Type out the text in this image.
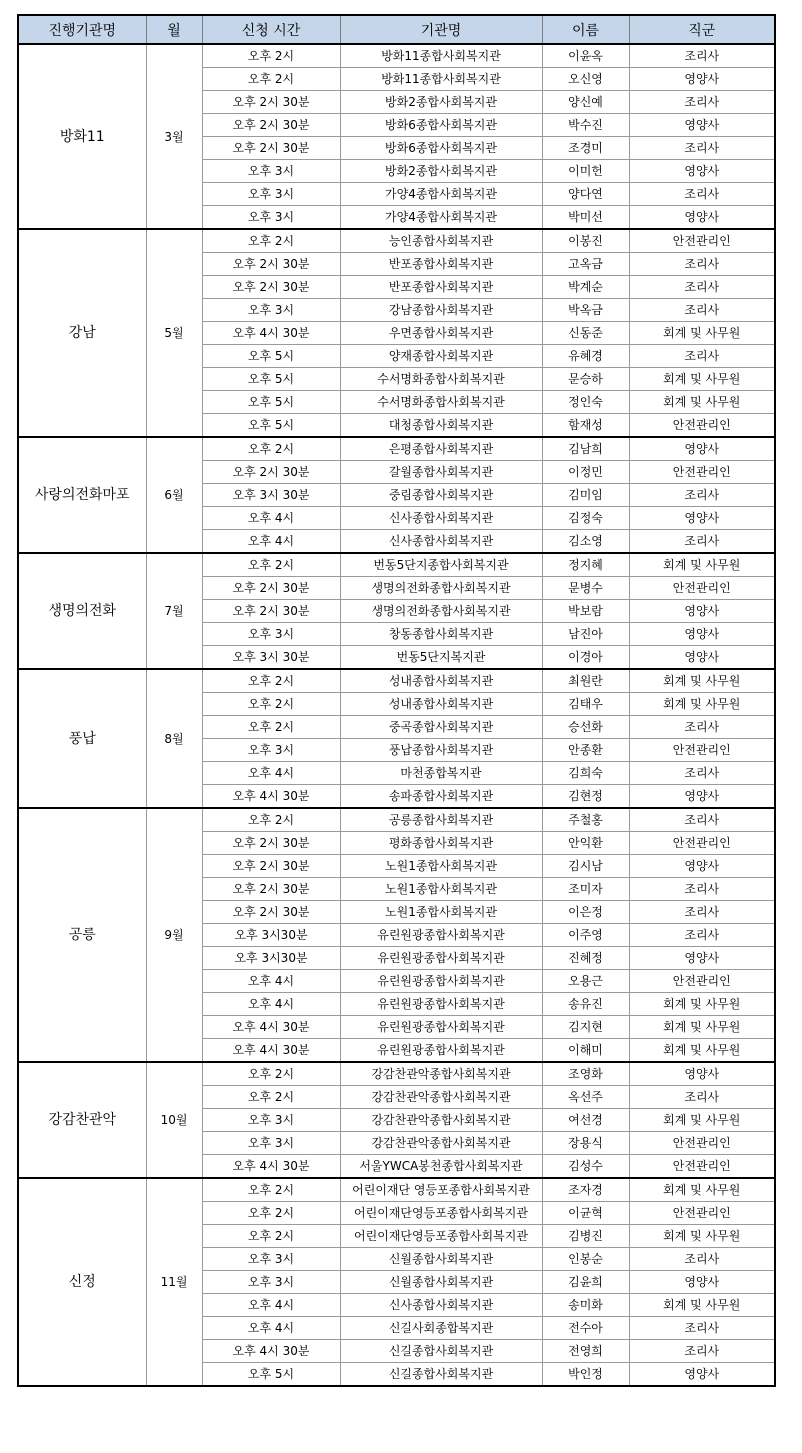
진행기관명	월	신청 시간	기관명	이름	직군
방화11	3월	오후 2시	방화11종합사회복지관	이윤옥	조리사
		오후 2시	방화11종합사회복지관	오신영	영양사
		오후 2시 30분	방화2종합사회복지관	양신예	조리사
		오후 2시 30분	방화6종합사회복지관	박수진	영양사
		오후 2시 30분	방화6종합사회복지관	조경미	조리사
		오후 3시	방화2종합사회복지관	이미헌	영양사
		오후 3시	가양4종합사회복지관	양다연	조리사
		오후 3시	가양4종합사회복지관	박미선	영양사
강남	5월	오후 2시	능인종합사회복지관	이봉진	안전관리인
		오후 2시 30분	반포종합사회복지관	고옥금	조리사
		오후 2시 30분	반포종합사회복지관	박계순	조리사
		오후 3시	강남종합사회복지관	박옥금	조리사
		오후 4시 30분	우면종합사회복지관	신동준	회계 및 사무원
		오후 5시	양재종합사회복지관	유혜경	조리사
		오후 5시	수서명화종합사회복지관	문승하	회계 및 사무원
		오후 5시	수서명화종합사회복지관	정인숙	회계 및 사무원
		오후 5시	대청종합사회복지관	함재성	안전관리인
사랑의전화마포	6월	오후 2시	은평종합사회복지관	김남희	영양사
		오후 2시 30분	갈월종합사회복지관	이정민	안전관리인
		오후 3시 30분	중림종합사회복지관	김미임	조리사
		오후 4시	신사종합사회복지관	김정숙	영양사
		오후 4시	신사종합사회복지관	김소영	조리사
생명의전화	7월	오후 2시	번동5단지종합사회복지관	정지혜	회계 및 사무원
		오후 2시 30분	생명의전화종합사회복지관	문병수	안전관리인
		오후 2시 30분	생명의전화종합사회복지관	박보람	영양사
		오후 3시	창동종합사회복지관	남진아	영양사
		오후 3시 30분	번동5단지복지관	이경아	영양사
풍납	8월	오후 2시	성내종합사회복지관	최원란	회계 및 사무원
		오후 2시	성내종합사회복지관	김태우	회계 및 사무원
		오후 2시	중곡종합사회복지관	승선화	조리사
		오후 3시	풍납종합사회복지관	안종환	안전관리인
		오후 4시	마천종합복지관	김희숙	조리사
		오후 4시 30분	송파종합사회복지관	김현정	영양사
공릉	9월	오후 2시	공릉종합사회복지관	주철홍	조리사
		오후 2시 30분	평화종합사회복지관	안익환	안전관리인
		오후 2시 30분	노원1종합사회복지관	김시남	영양사
		오후 2시 30분	노원1종합사회복지관	조미자	조리사
		오후 2시 30분	노원1종합사회복지관	이은정	조리사
		오후 3시30분	유린원광종합사회복지관	이주영	조리사
		오후 3시30분	유린원광종합사회복지관	진혜정	영양사
		오후 4시	유린원광종합사회복지관	오용근	안전관리인
		오후 4시	유린원광종합사회복지관	송유진	회계 및 사무원
		오후 4시 30분	유린원광종합사회복지관	김지현	회계 및 사무원
		오후 4시 30분	유린원광종합사회복지관	이해미	회계 및 사무원
강감찬관악	10월	오후 2시	강감찬관악종합사회복지관	조영화	영양사
		오후 2시	강감찬관악종합사회복지관	옥선주	조리사
		오후 3시	강감찬관악종합사회복지관	여선경	회계 및 사무원
		오후 3시	강감찬관악종합사회복지관	장용식	안전관리인
		오후 4시 30분	서울YWCA봉천종합사회복지관	김성수	안전관리인
신정	11월	오후 2시	어린이재단 영등포종합사회복지관	조자경	회계 및 사무원
		오후 2시	어린이재단영등포종합사회복지관	이균혁	안전관리인
		오후 2시	어린이재단영등포종합사회복지관	김병진	회계 및 사무원
		오후 3시	신월종합사회복지관	인봉순	조리사
		오후 3시	신월종합사회복지관	김윤희	영양사
		오후 4시	신사종합사회복지관	송미화	회계 및 사무원
		오후 4시	신길사회종합복지관	전수아	조리사
		오후 4시 30분	신길종합사회복지관	전영희	조리사
		오후 5시	신길종합사회복지관	박인정	영양사
